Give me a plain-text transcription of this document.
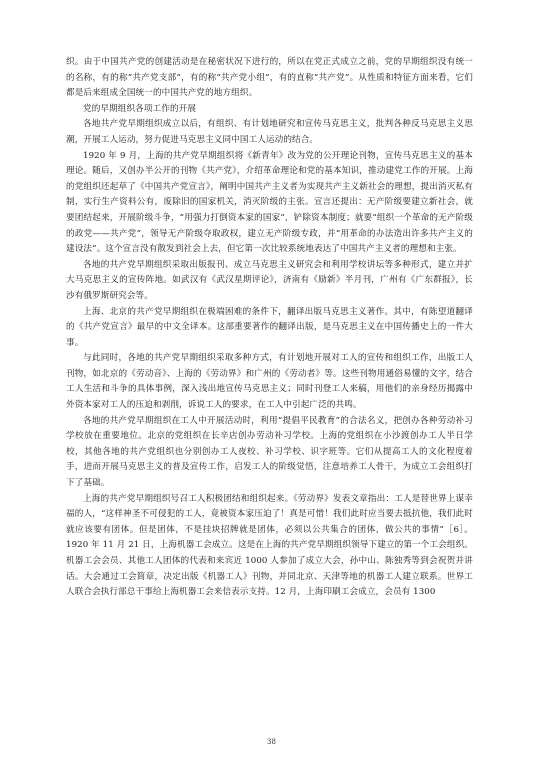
织。由于中国共产党的创建活动是在秘密状况下进行的，所以在党正式成立之前，党的早期组织没有统一的名称，有的称“共产党支部”，有的称“共产党小组”，有的直称“共产党”。从性质和特征方面来看，它们都是后来组成全国统一的中国共产党的地方组织。

党的早期组织各项工作的开展

各地共产党早期组织成立以后，有组织、有计划地研究和宣传马克思主义，批判各种反马克思主义思潮，开展工人运动，努力促进马克思主义同中国工人运动的结合。

1920 年 9 月，上海的共产党早期组织将《新青年》改为党的公开理论刊物，宣传马克思主义的基本理论。随后，又创办半公开的刊物《共产党》，介绍革命理论和党的基本知识，推动建党工作的开展。上海的党组织还起草了《中国共产党宣言》，阐明中国共产主义者为实现共产主义新社会的理想，提出消灭私有制，实行生产资料公有，废除旧的国家机关，消灭阶级的主张。宣言还提出：无产阶级要建立新社会，就要团结起来，开展阶级斗争，“用强力打倒资本家的国家”，铲除资本制度；就要“组织一个革命的无产阶级的政党——共产党”，领导无产阶级夺取政权，建立无产阶级专政，并“用革命的办法造出许多共产主义的建设法”。这个宣言没有散发到社会上去，但它第一次比较系统地表达了中国共产主义者的理想和主张。

各地的共产党早期组织采取出版报刊、成立马克思主义研究会和利用学校讲坛等多种形式，建立并扩大马克思主义的宣传阵地。如武汉有《武汉星期评论》，济南有《励新》半月刊，广州有《广东群报》，长沙有俄罗斯研究会等。

上海、北京的共产党早期组织在极端困难的条件下，翻译出版马克思主义著作。其中，有陈望道翻译的《共产党宣言》最早的中文全译本。这部重要著作的翻译出版，是马克思主义在中国传播史上的一件大事。

与此同时，各地的共产党早期组织采取多种方式，有计划地开展对工人的宣传和组织工作，出版工人刊物，如北京的《劳动音》、上海的《劳动界》和广州的《劳动者》等。这些刊物用通俗易懂的文字，结合工人生活和斗争的具体事例，深入浅出地宣传马克思主义；同时刊登工人来稿，用他们的亲身经历揭露中外资本家对工人的压迫和剥削，诉说工人的要求，在工人中引起广泛的共鸣。

各地的共产党早期组织在工人中开展活动时，利用“提倡平民教育”的合法名义，把创办各种劳动补习学校放在重要地位。北京的党组织在长辛店创办劳动补习学校。上海的党组织在小沙渡创办工人半日学校，其他各地的共产党组织也分别创办工人夜校、补习学校、识字班等。它们从提高工人的文化程度着手，进而开展马克思主义的普及宣传工作，启发工人的阶级觉悟，注意培养工人骨干，为成立工会组织打下了基础。

上海的共产党早期组织号召工人积极团结和组织起来。《劳动界》发表文章指出：工人是替世界上谋幸福的人，“这样神圣不可侵犯的工人，竟被资本家压迫了！真是可惜！我们此时应当要去抵抗他，我们此时就应该要有团体。但是团体，不是挂块招牌就是团体，必须以公共集合的团体，做公共的事情”［6］。1920 年 11 月 21 日，上海机器工会成立。这是在上海的共产党早期组织领导下建立的第一个工会组织。机器工会会员、其他工人团体的代表和来宾近 1000 人参加了成立大会，孙中山、陈独秀等到会祝贺并讲话。大会通过工会简章，决定出版《机器工人》刊物，并同北京、天津等地的机器工人建立联系。世界工人联合会执行部总干事给上海机器工会来信表示支持。12 月，上海印刷工会成立，会员有 1300

38
